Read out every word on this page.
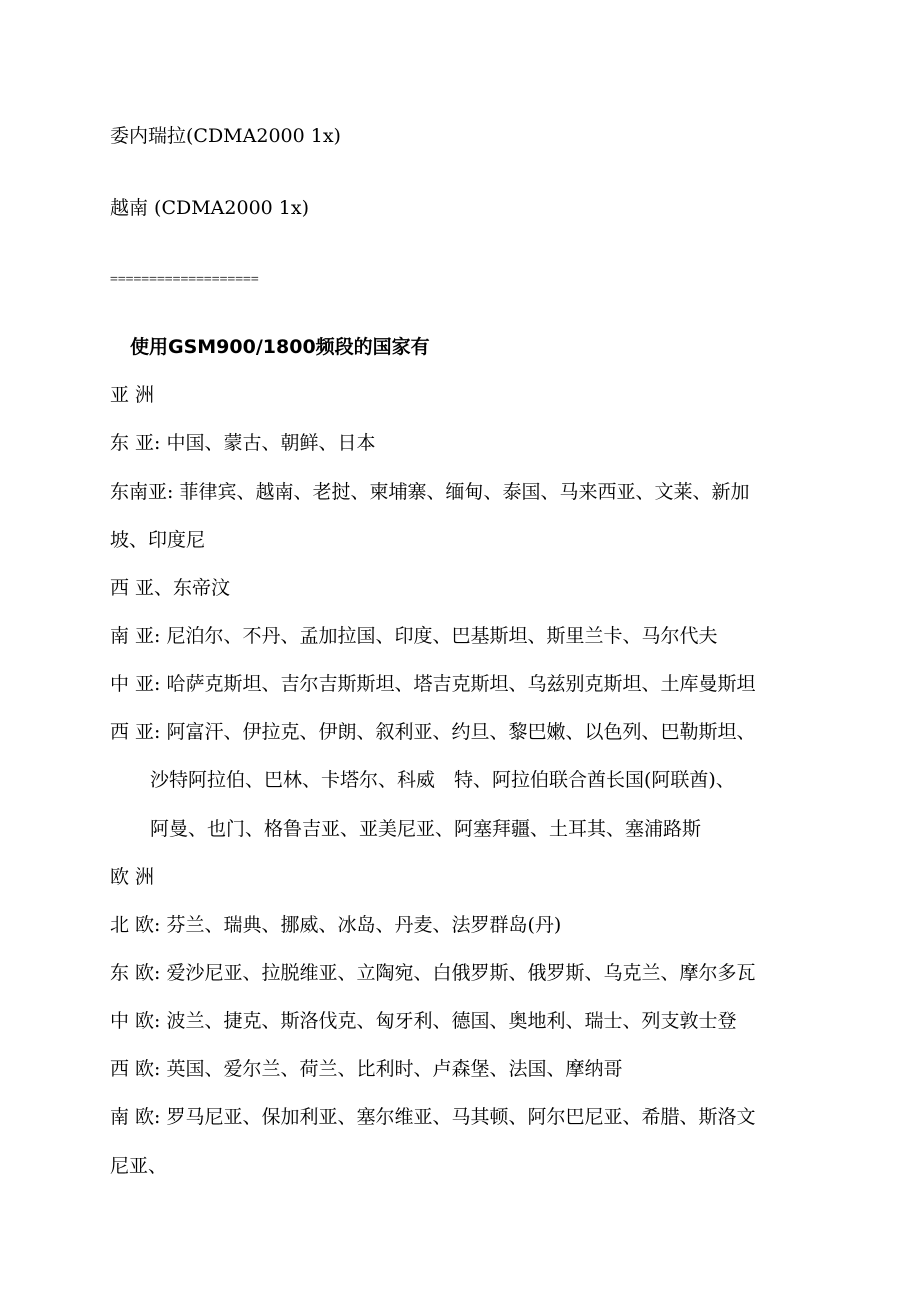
委内瑞拉(CDMA2000 1x)
越南 (CDMA2000 1x)
===================
使用GSM900/1800频段的国家有
亚 洲
东 亚: 中国、蒙古、朝鲜、日本
东南亚: 菲律宾、越南、老挝、柬埔寨、缅甸、泰国、马来西亚、文莱、新加
坡、印度尼
西 亚、东帝汶
南 亚: 尼泊尔、不丹、孟加拉国、印度、巴基斯坦、斯里兰卡、马尔代夫
中 亚: 哈萨克斯坦、吉尔吉斯斯坦、塔吉克斯坦、乌兹别克斯坦、土库曼斯坦
西 亚: 阿富汗、伊拉克、伊朗、叙利亚、约旦、黎巴嫩、以色列、巴勒斯坦、
沙特阿拉伯、巴林、卡塔尔、科威　特、阿拉伯联合酋长国(阿联酋)、
阿曼、也门、格鲁吉亚、亚美尼亚、阿塞拜疆、土耳其、塞浦路斯
欧 洲
北 欧: 芬兰、瑞典、挪威、冰岛、丹麦、法罗群岛(丹)
东 欧: 爱沙尼亚、拉脱维亚、立陶宛、白俄罗斯、俄罗斯、乌克兰、摩尔多瓦
中 欧: 波兰、捷克、斯洛伐克、匈牙利、德国、奥地利、瑞士、列支敦士登
西 欧: 英国、爱尔兰、荷兰、比利时、卢森堡、法国、摩纳哥
南 欧: 罗马尼亚、保加利亚、塞尔维亚、马其顿、阿尔巴尼亚、希腊、斯洛文
尼亚、
